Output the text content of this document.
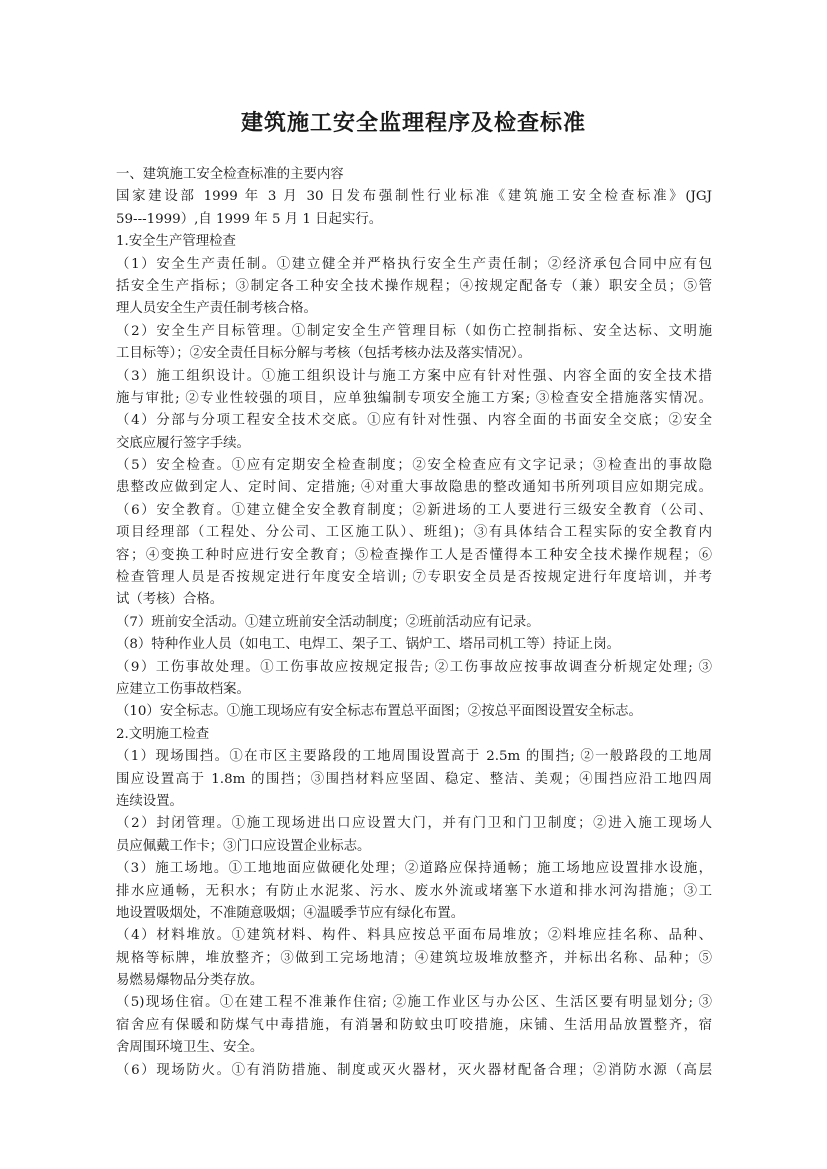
建筑施工安全监理程序及检查标准

一、建筑施工安全检查标准的主要内容

国家建设部 1999 年 3 月 30 日发布强制性行业标准《建筑施工安全检查标准》(JGJ

59---1999）,自 1999 年 5 月 1 日起实行。

1.安全生产管理检查

（1）安全生产责任制。①建立健全并严格执行安全生产责任制；②经济承包合同中应有包

括安全生产指标；③制定各工种安全技术操作规程；④按规定配备专（兼）职安全员；⑤管

理人员安全生产责任制考核合格。

（2）安全生产目标管理。①制定安全生产管理目标（如伤亡控制指标、安全达标、文明施

工目标等）；②安全责任目标分解与考核（包括考核办法及落实情况）。

（3）施工组织设计。①施工组织设计与施工方案中应有针对性强、内容全面的安全技术措

施与审批; ②专业性较强的项目，应单独编制专项安全施工方案; ③检查安全措施落实情况。

（4）分部与分项工程安全技术交底。①应有针对性强、内容全面的书面安全交底；②安全

交底应履行签字手续。

（5）安全检查。①应有定期安全检查制度；②安全检查应有文字记录；③检查出的事故隐

患整改应做到定人、定时间、定措施; ④对重大事故隐患的整改通知书所列项目应如期完成。

（6）安全教育。①建立健全安全教育制度；②新进场的工人要进行三级安全教育（公司、

项目经理部（工程处、分公司、工区施工队）、班组)；③有具体结合工程实际的安全教育内

容；④变换工种时应进行安全教育；⑤检查操作工人是否懂得本工种安全技术操作规程；⑥

检查管理人员是否按规定进行年度安全培训; ⑦专职安全员是否按规定进行年度培训，并考

试（考核）合格。

（7）班前安全活动。①建立班前安全活动制度；②班前活动应有记录。

（8）特种作业人员（如电工、电焊工、架子工、锅炉工、塔吊司机工等）持证上岗。

（9）工伤事故处理。①工伤事故应按规定报告; ②工伤事故应按事故调查分析规定处理; ③

应建立工伤事故档案。

（10）安全标志。①施工现场应有安全标志布置总平面图；②按总平面图设置安全标志。

2.文明施工检查

（1）现场围挡。①在市区主要路段的工地周围设置高于 2.5m 的围挡; ②一般路段的工地周

围应设置高于 1.8m 的围挡；③围挡材料应坚固、稳定、整洁、美观；④围挡应沿工地四周

连续设置。

（2）封闭管理。①施工现场进出口应设置大门，并有门卫和门卫制度；②进入施工现场人

员应佩戴工作卡；③门口应设置企业标志。

（3）施工场地。①工地地面应做硬化处理；②道路应保持通畅；施工场地应设置排水设施，

排水应通畅，无积水；有防止水泥浆、污水、废水外流或堵塞下水道和排水河沟措施；③工

地设置吸烟处，不准随意吸烟；④温暖季节应有绿化布置。

（4）材料堆放。①建筑材料、构件、料具应按总平面布局堆放；②料堆应挂名称、品种、

规格等标牌，堆放整齐；③做到工完场地清；④建筑垃圾堆放整齐，并标出名称、品种；⑤

易燃易爆物品分类存放。

（5)现场住宿。①在建工程不准兼作住宿; ②施工作业区与办公区、生活区要有明显划分; ③

宿舍应有保暖和防煤气中毒措施，有消暑和防蚊虫叮咬措施，床铺、生活用品放置整齐，宿

舍周围环境卫生、安全。

（6）现场防火。①有消防措施、制度或灭火器材，灭火器材配备合理；②消防水源（高层
